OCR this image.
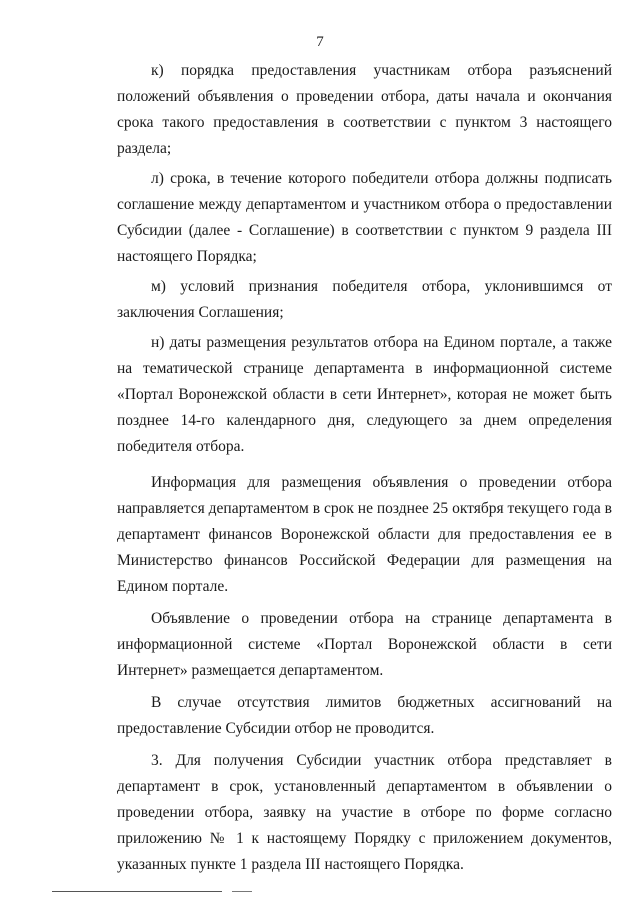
7

к) порядка предоставления участникам отбора разъяснений положений объявления о проведении отбора, даты начала и окончания срока такого предоставления в соответствии с пунктом 3 настоящего раздела;

л) срока, в течение которого победители отбора должны подписать соглашение между департаментом и участником отбора о предоставлении Субсидии (далее - Соглашение) в соответствии с пунктом 9 раздела III настоящего Порядка;

м) условий признания победителя отбора, уклонившимся от заключения Соглашения;

н) даты размещения результатов отбора на Едином портале, а также на тематической странице департамента в информационной системе «Портал Воронежской области в сети Интернет», которая не может быть позднее 14-го календарного дня, следующего за днем определения победителя отбора.

Информация для размещения объявления о проведении отбора направляется департаментом в срок не позднее 25 октября текущего года в департамент финансов Воронежской области для предоставления ее в Министерство финансов Российской Федерации для размещения на Едином портале.

Объявление о проведении отбора на странице департамента в информационной системе «Портал Воронежской области в сети Интернет» размещается департаментом.

В случае отсутствия лимитов бюджетных ассигнований на предоставление Субсидии отбор не проводится.

3. Для получения Субсидии участник отбора представляет в департамент в срок, установленный департаментом в объявлении о проведении отбора, заявку на участие в отборе по форме согласно приложению № 1 к настоящему Порядку с приложением документов, указанных пункте 1 раздела III настоящего Порядка.
